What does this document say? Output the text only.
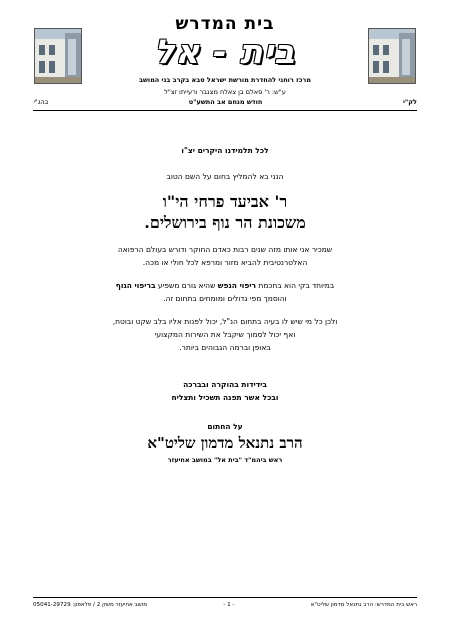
בית המדרש
בית - אל
מרכז רוחני להחדרת מורשת ישראל סבא בקרב בני המושב
ע"ש: ר' סאלם בן צאלח מצנבר ורעייתו זצ"ל
לק"י
חודש מנחם אב התשע"ט
בהנ"י
לכל תלמידנו היקרים יצ"ו
הנני בא להמליץ בחום על השם הטוב
ר' אביעד פרחי הי"ו
משכונת הר נוף בירושלים.
שמכיר אני אותו מזה שנים רבות כאדם החוקר ודורש בעולם הרפואה
האלטרנטיבית להביא מזור ומרפא לכל חולי או מכה.
במיוחד בקי הוא בחכמת ריפוי הנפש שהיא גורם משפיע בריפוי הגוף
והוסמך מפי גדולים ומומחים בתחום זה.
ולכן כל מי שיש לו בעיה בתחום הנ"ל, יכול לפנות אליו בלב שקט ובוטח,
ואף יכול לסמוך שיקבל את השירות המקצועי
באופן וברמה הגבוהים ביותר.
בידידות בהוקרה ובברכה
ובכל אשר תפנה תשכיל ותצליח
על החתום
הרב נתנאל מדמון שליט"א
ראש ביהמ"ד "בית אל" במושב אחיעזר
ראש בית המדרש: הרב נתנאל מדמון שליט"א
- 1 -
מושב אחיעזר משק 2 / פלאפון: 05041-29729
